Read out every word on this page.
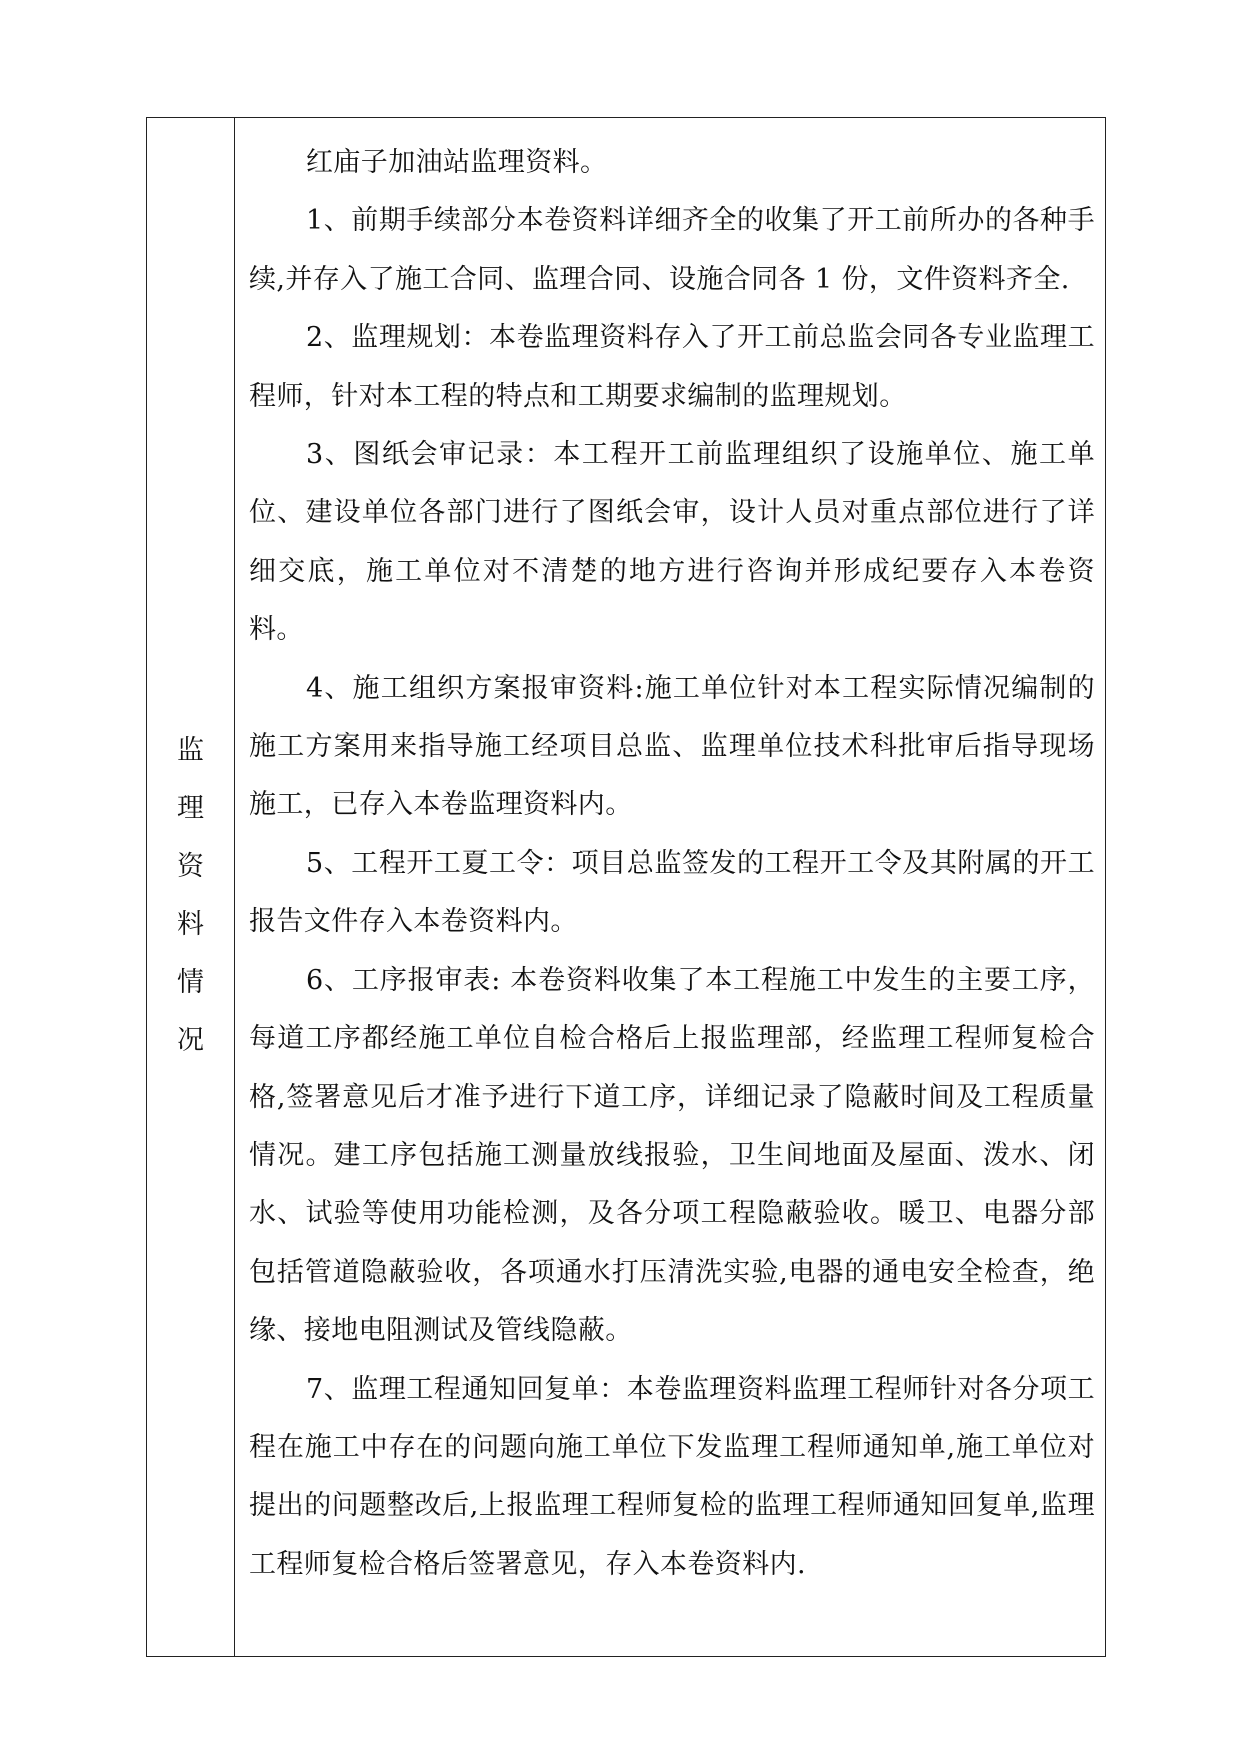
监
理
资
料
情
况

红庙子加油站监理资料。

1、前期手续部分本卷资料详细齐全的收集了开工前所办的各种手续,并存入了施工合同、监理合同、设施合同各 1 份，文件资料齐全.

2、监理规划：本卷监理资料存入了开工前总监会同各专业监理工程师，针对本工程的特点和工期要求编制的监理规划。

3、图纸会审记录：本工程开工前监理组织了设施单位、施工单位、建设单位各部门进行了图纸会审，设计人员对重点部位进行了详细交底，施工单位对不清楚的地方进行咨询并形成纪要存入本卷资料。

4、施工组织方案报审资料:施工单位针对本工程实际情况编制的施工方案用来指导施工经项目总监、监理单位技术科批审后指导现场施工，已存入本卷监理资料内。

5、工程开工夏工令：项目总监签发的工程开工令及其附属的开工报告文件存入本卷资料内。

6、工序报审表: 本卷资料收集了本工程施工中发生的主要工序，每道工序都经施工单位自检合格后上报监理部，经监理工程师复检合格,签署意见后才准予进行下道工序，详细记录了隐蔽时间及工程质量情况。建工序包括施工测量放线报验，卫生间地面及屋面、泼水、闭水、试验等使用功能检测，及各分项工程隐蔽验收。暖卫、电器分部包括管道隐蔽验收，各项通水打压清洗实验,电器的通电安全检查，绝缘、接地电阻测试及管线隐蔽。

7、监理工程通知回复单：本卷监理资料监理工程师针对各分项工程在施工中存在的问题向施工单位下发监理工程师通知单,施工单位对提出的问题整改后,上报监理工程师复检的监理工程师通知回复单,监理工程师复检合格后签署意见，存入本卷资料内.
